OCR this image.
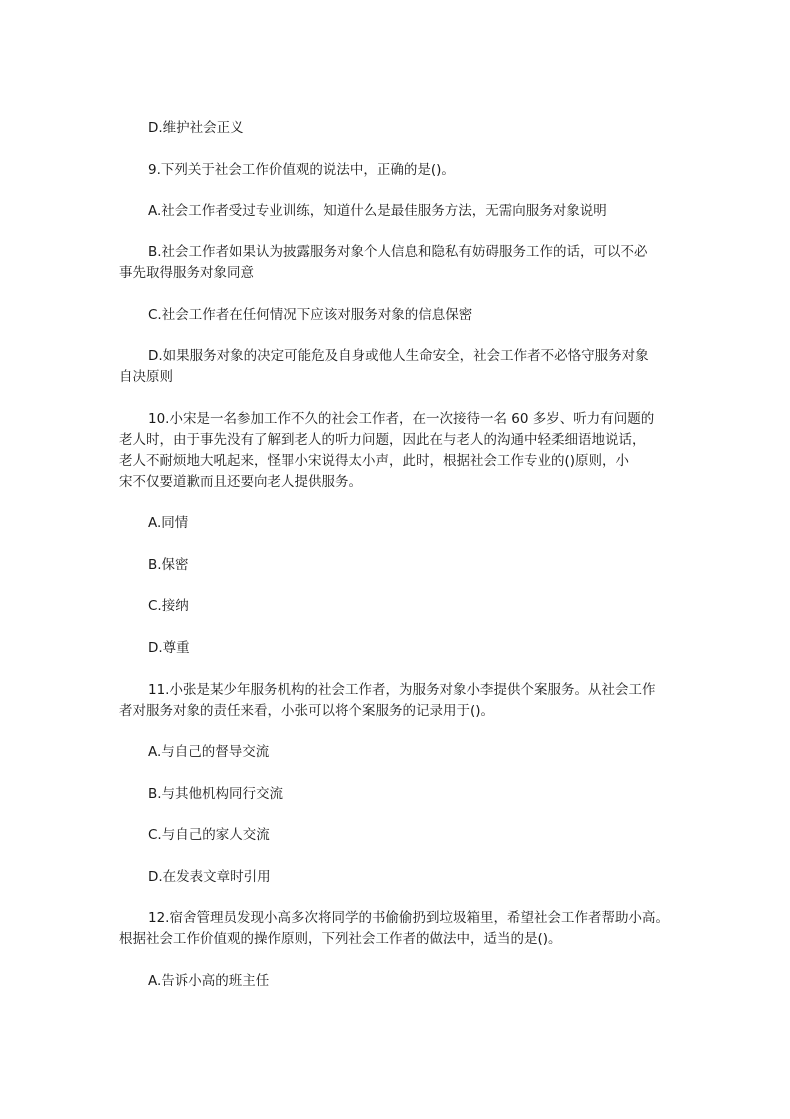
D.维护社会正义
9.下列关于社会工作价值观的说法中，正确的是()。
A.社会工作者受过专业训练，知道什么是最佳服务方法，无需向服务对象说明
B.社会工作者如果认为披露服务对象个人信息和隐私有妨碍服务工作的话，可以不必
事先取得服务对象同意
C.社会工作者在任何情况下应该对服务对象的信息保密
D.如果服务对象的决定可能危及自身或他人生命安全，社会工作者不必恪守服务对象
自决原则
10.小宋是一名参加工作不久的社会工作者，在一次接待一名 60 多岁、听力有问题的
老人时，由于事先没有了解到老人的听力问题，因此在与老人的沟通中轻柔细语地说话，
老人不耐烦地大吼起来，怪罪小宋说得太小声，此时，根据社会工作专业的()原则，小
宋不仅要道歉而且还要向老人提供服务。
A.同情
B.保密
C.接纳
D.尊重
11.小张是某少年服务机构的社会工作者，为服务对象小李提供个案服务。从社会工作
者对服务对象的责任来看，小张可以将个案服务的记录用于()。
A.与自己的督导交流
B.与其他机构同行交流
C.与自己的家人交流
D.在发表文章时引用
12.宿舍管理员发现小高多次将同学的书偷偷扔到垃圾箱里，希望社会工作者帮助小高。
根据社会工作价值观的操作原则，下列社会工作者的做法中，适当的是()。
A.告诉小高的班主任
